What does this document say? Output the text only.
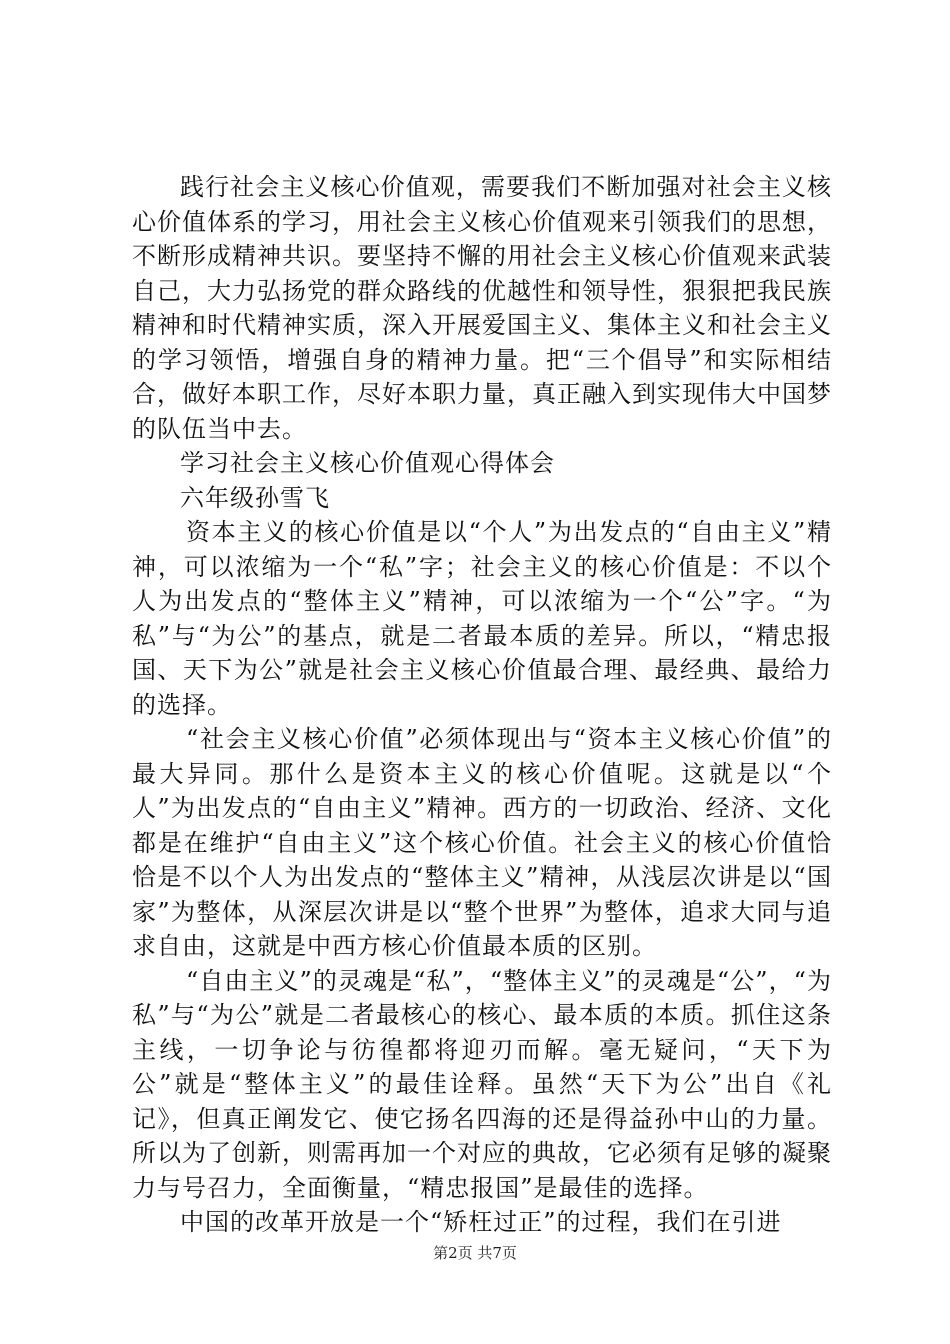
践行社会主义核心价值观，需要我们不断加强对社会主义核心价值体系的学习，用社会主义核心价值观来引领我们的思想，不断形成精神共识。要坚持不懈的用社会主义核心价值观来武装自己，大力弘扬党的群众路线的优越性和领导性，狠狠把我民族精神和时代精神实质，深入开展爱国主义、集体主义和社会主义的学习领悟，增强自身的精神力量。把“三个倡导”和实际相结合，做好本职工作，尽好本职力量，真正融入到实现伟大中国梦的队伍当中去。

学习社会主义核心价值观心得体会

六年级孙雪飞

资本主义的核心价值是以“个人”为出发点的“自由主义”精神，可以浓缩为一个“私”字；社会主义的核心价值是：不以个人为出发点的“整体主义”精神，可以浓缩为一个“公”字。“为私”与“为公”的基点，就是二者最本质的差异。所以，“精忠报国、天下为公”就是社会主义核心价值最合理、最经典、最给力的选择。

“社会主义核心价值”必须体现出与“资本主义核心价值”的最大异同。那什么是资本主义的核心价值呢。这就是以“个人”为出发点的“自由主义”精神。西方的一切政治、经济、文化都是在维护“自由主义”这个核心价值。社会主义的核心价值恰恰是不以个人为出发点的“整体主义”精神，从浅层次讲是以“国家”为整体，从深层次讲是以“整个世界”为整体，追求大同与追求自由，这就是中西方核心价值最本质的区别。

“自由主义”的灵魂是“私”，“整体主义”的灵魂是“公”，“为私”与“为公”就是二者最核心的核心、最本质的本质。抓住这条主线，一切争论与彷徨都将迎刃而解。毫无疑问，“天下为公”就是“整体主义”的最佳诠释。虽然“天下为公”出自《礼记》，但真正阐发它、使它扬名四海的还是得益孙中山的力量。所以为了创新，则需再加一个对应的典故，它必须有足够的凝聚力与号召力，全面衡量，“精忠报国”是最佳的选择。

中国的改革开放是一个“矫枉过正”的过程，我们在引进

第2页 共7页
